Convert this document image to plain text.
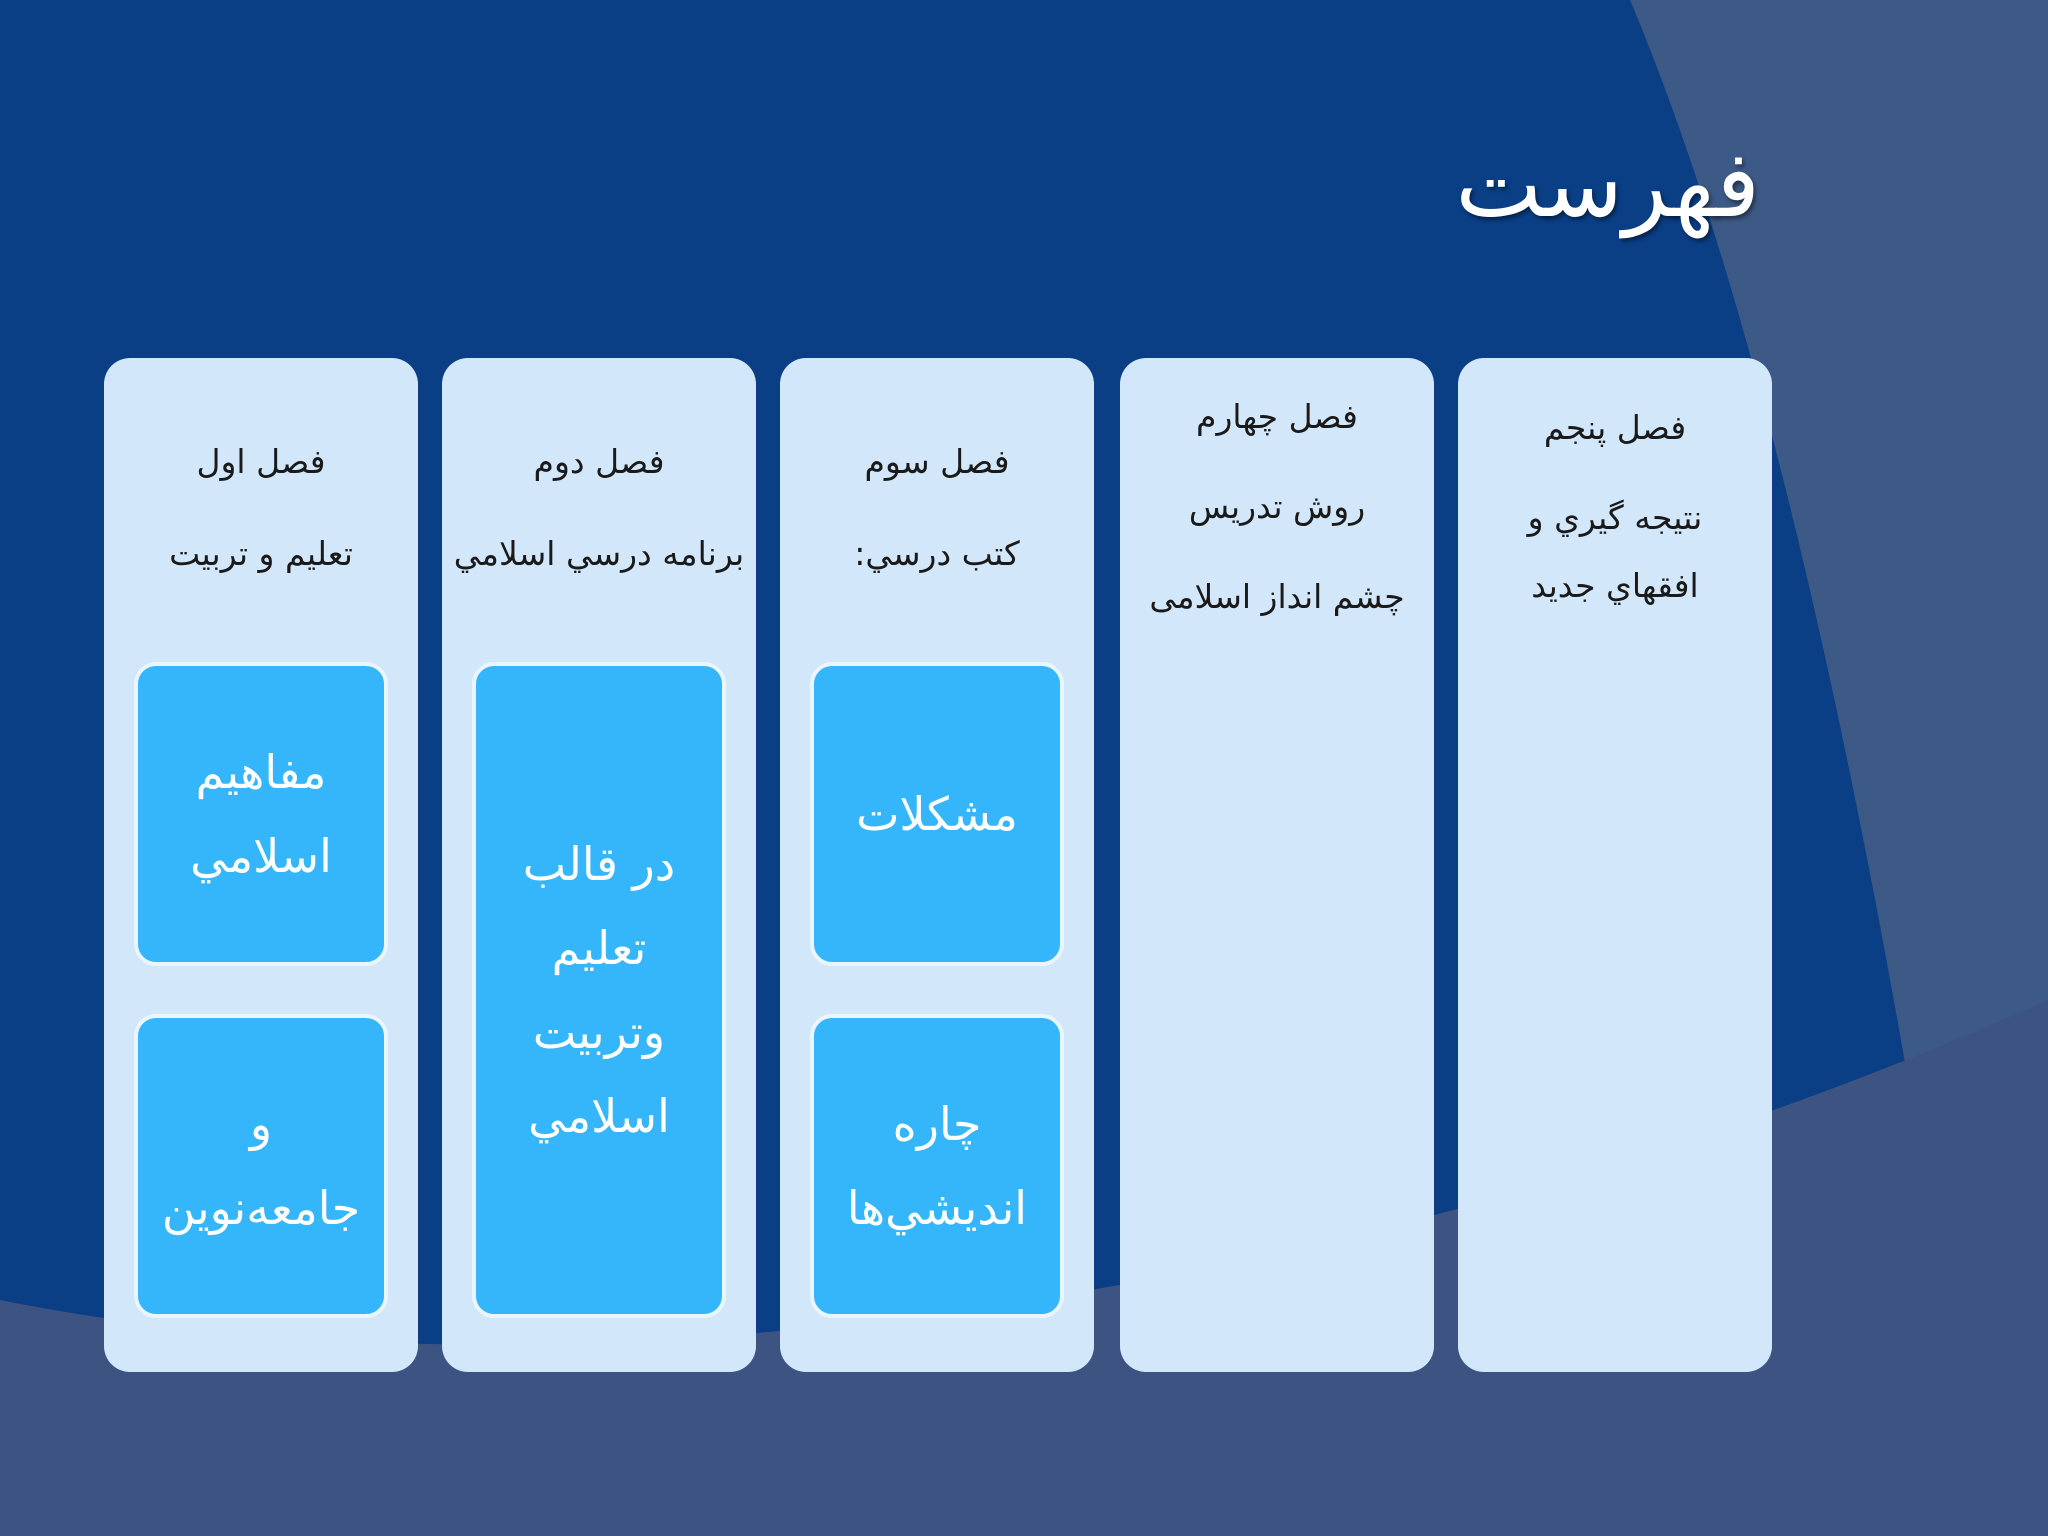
فهرست
فصل اول
تعليم و تربيت
مفاهيم
اسلامي
و
جامعه‌نوين
فصل دوم
برنامه درسي اسلامي
در قالب
تعليم
وتربيت
اسلامي
فصل سوم
كتب درسي:
مشكلات
چاره
انديشي‌ها
فصل چهارم
روش تدریس
چشم انداز اسلامی
فصل پنجم
نتيجه گيري و
افقهاي جديد
